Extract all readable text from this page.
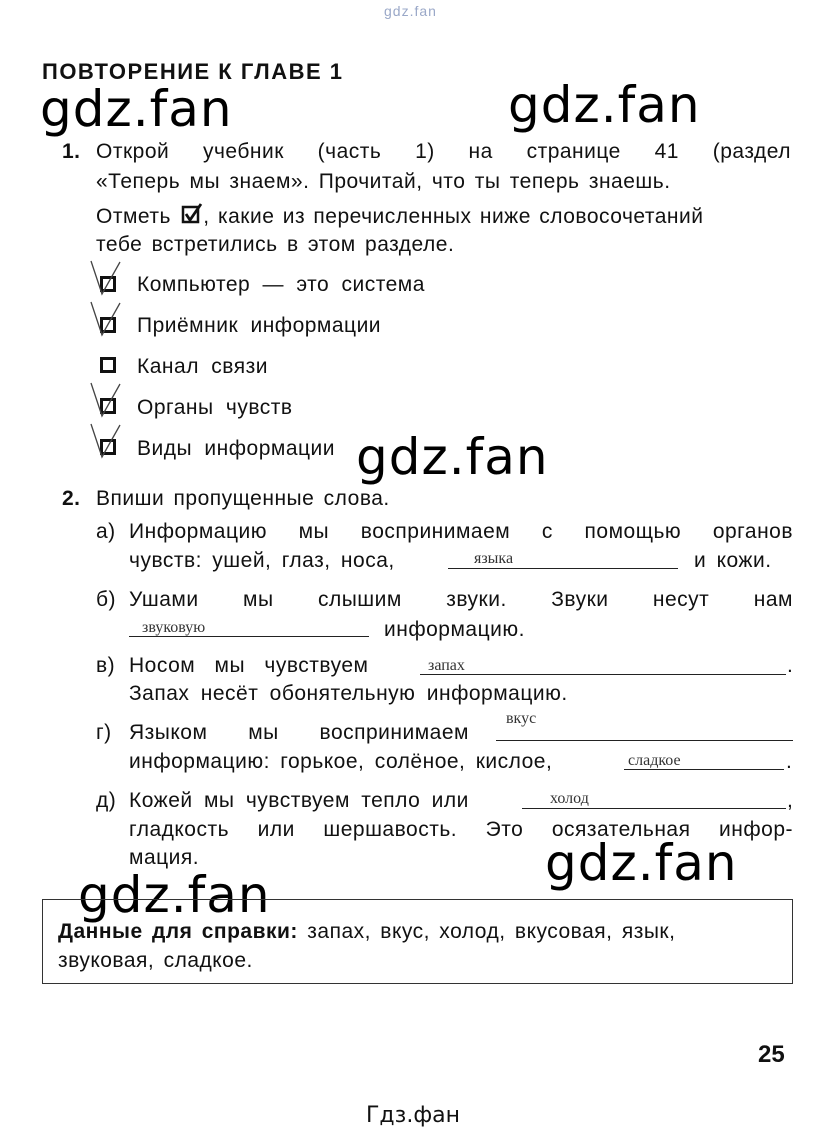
gdz.fan
ПОВТОРЕНИЕ К ГЛАВЕ 1
gdz.fan	gdz.fan
1. Открой учебник (часть 1) на странице 41 (раздел
«Теперь мы знаем». Прочитай, что ты теперь знаешь.
Отметь , какие из перечисленных ниже словосочетаний
тебе встретились в этом разделе.
Компьютер — это система
Приёмник информации
Канал связи
Органы чувств
Виды информации gdz.fan
2. Впиши пропущенные слова.
а) Информацию мы воспринимаем с помощью органов
чувств: ушей, глаз, носа,	языка	и кожи.
б) Ушами мы слышим звуки. Звуки несут нам
звуковую	информацию.
в) Носом мы чувствуем	запах	.
Запах несёт обонятельную информацию.
г) Языком мы воспринимаем
вкус
информацию: горькое, солёное, кислое,	сладкое	.
д) Кожей мы чувствуем тепло или	холод	,
гладкость или шершавость. Это осязательная инфор-
мация.	gdz.fan
gdz.fan
Данные для справки: запах, вкус, холод, вкусовая, язык,
звуковая, сладкое.
25
Гдз.фан
